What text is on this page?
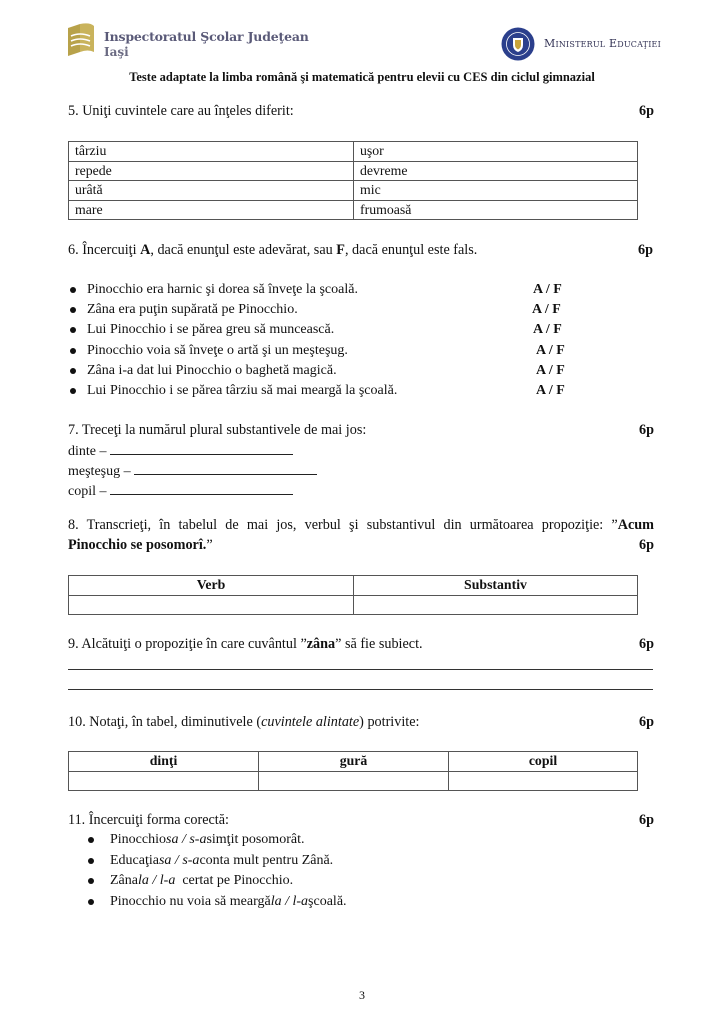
Inspectoratul Şcolar Judeţean
Iaşi
Ministerul Educaţiei
Teste adaptate la limba română şi matematică pentru elevii cu CES din ciclul gimnazial
5. Uniţi cuvintele care au înţeles diferit:	6p
târziu	uşor
repede	devreme
urâtă	mic
mare	frumoasă
6. Încercuiţi A, dacă enunţul este adevărat, sau F, dacă enunţul este fals.	6p
Pinocchio era harnic şi dorea să înveţe la şcoală.	A / F
Zâna era puţin supărată pe Pinocchio.	A / F
Lui Pinocchio i se părea greu să muncească.	A / F
Pinocchio voia să înveţe o artă şi un meşteşug.	A / F
Zâna i-a dat lui Pinocchio o baghetă magică.	A / F
Lui Pinocchio i se părea târziu să mai meargă la şcoală.	A / F
7. Treceţi la numărul plural substantivele de mai jos:	6p
dinte –
meşteşug –
copil –
8. Transcrieţi, în tabelul de mai jos, verbul şi substantivul din următoarea propoziţie: ”Acum
Pinocchio se posomorî.”	6p
Verb	Substantiv

9. Alcătuiţi o propoziţie în care cuvântul ”zâna” să fie subiect.	6p
10. Notaţi, în tabel, diminutivele (cuvintele alintate) potrivite:	6p
dinţi	gură	copil

11. Încercuiţi forma corectă:	6p
Pinocchio sa / s-a simţit posomorât.
Educaţia sa / s-a conta mult pentru Zână.
Zâna la / l-a certat pe Pinocchio.
Pinocchio nu voia să meargă la / l-a şcoală.
3
